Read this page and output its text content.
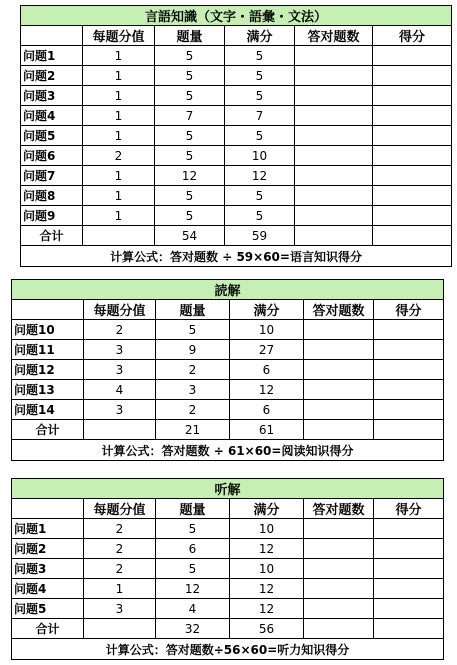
言語知識（文字・語彙・文法）					
	每题分值	题量	满分	答对题数	得分
问题1	1	5	5		
问题2	1	5	5		
问题3	1	5	5		
问题4	1	7	7		
问题5	1	5	5		
问题6	2	5	10		
问题7	1	12	12		
问题8	1	5	5		
问题9	1	5	5		
合计		54	59		
计算公式：答对题数 ÷ 59×60=语言知识得分					
読解					
	每题分值	题量	满分	答对题数	得分
问题10	2	5	10		
问题11	3	9	27		
问题12	3	2	6		
问题13	4	3	12		
问题14	3	2	6		
合计		21	61		
计算公式：答对题数 ÷ 61×60=阅读知识得分					
听解					
	每题分值	题量	满分	答对题数	得分
问题1	2	5	10		
问题2	2	6	12		
问题3	2	5	10		
问题4	1	12	12		
问题5	3	4	12		
合计		32	56		
计算公式：答对题数÷56×60=听力知识得分					
